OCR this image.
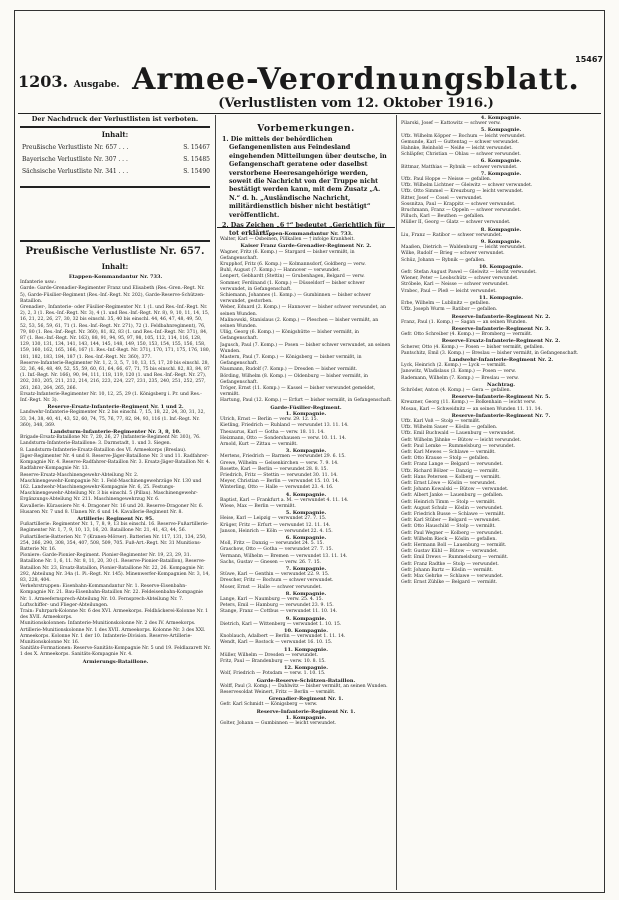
15467
1203. Ausgabe. Armee-Verordnungsblatt.
(Verlustlisten vom 12. Oktober 1916.)
Der Nachdruck der Verlustlisten ist verboten.
Inhalt:
Preußische Verlustliste Nr. 657 . . .	S. 15467
Bayerische Verlustliste Nr. 307 . . .	S. 15485
Sächsische Verlustliste Nr. 341 . . .	S. 15490
Vorbemerkungen.

1. Die mittels der behördlichen Gefangenenlisten aus Feindesland eingehenden Mitteilungen über deutsche, in Gefangenschaft geratene oder daselbst verstorbene Heeresangehörige werden, soweit die Nachricht von der Truppe nicht bestätigt werden kann, mit dem Zusatz „A. N.“ d. h. „Ausländische Nachricht, militärdienstlich bisher nicht bestätigt“ veröffentlicht.

2. Das Zeichen „6 †“ bedeutet „Gerichtlich für tot erklärt“.

Preußische Verlustliste Nr. 657.
Inhalt:

Etappen-Kommandantur Nr. 733.

Infanterie usw.:

Garde: Garde-Grenadier-Regimenter Franz und Elisabeth (Res.-Gren.-Regt. Nr. 5), Garde-Füsilier-Regiment (Res.-Inf.-Regt. Nr. 202), Garde-Reserve-Schützen-Bataillon.

Grenadier-, Infanterie- oder Füsilier-Regimenter Nr. 1 (1. und Res.-Inf.-Regt. Nr. 2), 2, 3 (1. Res.-Inf.-Regt. Nr. 3), 4 (1. und Res.-Inf.-Regt. Nr. 8), 9, 10, 11, 14, 15, 16, 21, 22, 26, 27, 30, 32 bis einschl. 35, 40 bis einschl. 44, 46, 47, 48, 49, 50, 52, 53, 56, 59, 61, 71 (1. Res.-Inf.-Regt. Nr. 271), 72 (1. Feldbahnregiment), 76, 79, 80 (1. Res.-Inf.-Regt. Nr. 360), 81, 82, 83 (1. und Res.-Inf.-Regt. Nr. 371), 84, 87 (1. Res.-Inf.-Regt. Nr. 163), 88, 91, 94, 95, 97, 98, 105, 112, 114, 116, 128, 129, 130, 131, 134, 141, 143, 144, 145, 148, 149, 150, 153, 154, 155, 156, 158, 159, 160, 162, 165, 166, 167 (1. Res.-Inf.-Regt. Nr. 371), 170, 171, 175, 176, 180, 181, 182, 183, 184, 187 (1. Res.-Inf.-Regt. Nr. 360), 377.

Reserve-Infanterie-Regimenter Nr. 1, 2, 3, 5, 7, 10, 13, 15, 17, 20 bis einschl. 28, 32, 36, 46, 48, 49, 52, 55, 59, 60, 61, 64, 66, 67, 71, 75 bis einschl. 82, 83, 84, 87 (1. Inf.-Regt. Nr. 166), 90, 94, 111, 118, 119, 120 (1. und Res.-Inf.-Regt. Nr. 27), 202, 203, 205, 211, 212, 214, 216, 223, 224, 227, 231, 235, 240, 251, 252, 257, 261, 263, 264, 265, 266.

Ersatz-Infanterie-Regimenter Nr. 10, 12, 25, 29 (1. Königsberg i. Pr. und Res.-Inf.-Regt. Nr. 3).

Reserve-Ersatz-Infanterie-Regiment Nr. 1 und 2.

Landwehr-Infanterie-Regimenter Nr. 2 bis einschl. 7, 15, 18, 22, 24, 30, 31, 32, 33, 34, 38, 40, 41, 43, 52, 60, 74, 75, 76, 77, 82, 84, 93, 116 (1. Inf.-Regt. Nr. 360), 348, 369.

Landsturm-Infanterie-Regimenter Nr. 3, 8, 10.

Brigade-Ersatz-Bataillone Nr. 7, 20, 26, 27 (Infanterie-Regiment Nr. 303), 76.

Landsturm-Infanterie-Bataillone: 3. Darmstadt, 1. und 3. Siegen.

8. Landsturm-Infanterie-Ersatz-Bataillon des VI. Armeekorps (Breslau).

Jäger-Regimenter Nr. 4 und 8. Reserve-Jäger-Bataillone Nr. 3 und 11. Radfahrer-Kompagnie Nr. 4. Reserve-Radfahrer-Bataillon Nr. 3. Ersatz-Jäger-Bataillon Nr. 4. Radfahrer-Kompagnie Nr. 13.

Reserve-Ersatz-Maschinengewehr-Abteilung Nr. 2.

Maschinengewehr-Kompagnie Nr. 1. Feld-Maschinengewehrzüge Nr. 130 und 162. Landwehr-Maschinengewehr-Kompagnie Nr. 6, 25. Festungs-Maschinengewehr-Abteilung Nr. 3 bis einschl. 5 (Pillau). Maschinengewehr-Ergänzungs-Abteilung Nr. 211. Maschinengewehrzug Nr. 6.

Kavallerie: Kürassiere Nr. 4. Dragoner Nr. 16 und 20. Reserve-Dragoner Nr. 6. Husaren Nr. 7 und 8. Ulanen Nr. 6 und 14. Kavallerie-Regiment Nr. 8.

Artillerie: Regiment Nr. 95.

Fußartillerie: Regimenter Nr. 1, 7, 8, 9, 13 bis einschl. 16. Reserve-Fußartillerie-Regimenter Nr. 1, 7, 9, 10, 13, 16, 20. Bataillone Nr. 21, 41, 43, 44, 56. Fußartillerie-Batterien Nr. 7 (Kranen-Mörser). Batterien Nr. 117, 131, 134, 250, 254, 266, 290, 308, 354, 407, 508, 509, 705. Fuß-Art.-Regt. Nr. 31 Munitions-Batterie Nr. 16.

Pioniere: Garde-Pionier-Regiment. Pionier-Regimenter Nr. 19, 23, 29, 31. Bataillone Nr. 1, 6, 11. Nr. 8, 11, 20, 30 (1. Reserve-Pionier-Bataillon), Reserve-Bataillon Nr. 23, Ersatz-Bataillon, Pionier-Bataillone Nr. 22, 26. Kompagnie Nr. 292, Abteilung Nr. 34a (1. Pi.-Regt. Nr. 145). Minenwerfer-Kompagnien Nr. 3, 14, 83, 228, 404.

Verkehrstruppen: Eisenbahn-Kommandantur Nr. 1. Reserve-Eisenbahn-Kompagnie Nr. 21. Bau-Eisenbahn-Bataillon Nr. 22. Feldeisenbahn-Kompagnie Nr. 1. Armeefernsprech-Abteilung Nr. 10. Fernsprech-Abteilung Nr. 7. Luftschiffer- und Flieger-Abteilungen.

Train: Fuhrpark-Kolonne Nr. 6 des XVI. Armeekorps. Feldbäckerei-Kolonne Nr. 1 des XVII. Armeekorps.

Munitionskolonnen: Infanterie-Munitionskolonne Nr. 2 des IV. Armeekorps. Artillerie-Munitionskolonne Nr. 1 des XVII. Armeekorps. Kolonne Nr. 3 des XXI. Armeekorps. Kolonne Nr. 1 der 10. Infanterie-Division. Reserve-Artillerie-Munitionskolonne Nr. 16.

Sanitäts-Formationen: Reserve-Sanitäts-Kompagnie Nr. 5 und 19. Feldlazarett Nr. 1 des X. Armeekorps. Sanitäts-Kompagnie Nr. 4.

Armierungs-Bataillone.

Etappen-Kommandantur Nr. 733.

Walter, Karl — Osbeinen, Pillkallen — † infolge Krankheit.

Kaiser Franz Garde-Grenadier-Regiment Nr. 2.

Wagner, Fritz (6. Komp.) — Stargard — bisher vermißt, in Gefangenschaft.

Krupphof, Fritz (6. Komp.) — Kolmannsdorf, Goldberg — verw.

Buhl, August (7. Komp.) — Hannover — verwundet.

Lenpert, Gebhardt (Stettin) — Grubenhagen, Belgard — verw.

Sommer, Ferdinand (1. Komp.) — Düsseldorf — bisher schwer verwundet, in Gefangenschaft.

Schiemann, Johannes (1. Komp.) — Gumbinnen — bisher schwer verwundet, gestorben.

Weber, Eduard (2. Komp.) — Hannover — bisher schwer verwundet, an seinen Wunden.

Malinowski, Stanislaus (2. Komp.) — Pleschen — bisher vermißt, an seinen Wunden.

Ullig, Georg (6. Komp.) — Königshütte — bisher vermißt, in Gefangenschaft.

Jagusch, Paul (7. Komp.) — Posen — bisher schwer verwundet, an seinen Wunden.

Mastern, Paul (7. Komp.) — Königsberg — bisher vermißt, in Gefangenschaft.

Naumann, Rudolf (7. Komp.) — Dresden — bisher vermißt.

Börding, Wilhelm (8. Komp.) — Oldenburg — bisher vermißt, in Gefangenschaft.

Tröger, Ernst (11. Komp.) — Kassel — bisher verwundet gemeldet, vermißt.

Hartung, Paul (12. Komp.) — Erfurt — bisher vermißt, in Gefangenschaft.

Garde-Füsilier-Regiment.

1. Kompagnie.

Ulrich, Ernst — Berlin — verw. 29. 12. 15.

Kietling, Friedrich — Ruhland — verwundet 13. 11. 14.

Thesaurus, Karl — Gotha — verw. 18. 11. 14.

Heizmann, Otto — Sondershausen — verw. 10. 11. 14.

Arnold, Kurt — Zittau — vermißt.

3. Kompagnie.

Mertens, Friedrich — Barmen — verwundet 29. 6. 15.

Grewe, Wilhelm — Gelsenkirchen — verw. 7. 9. 14.

Rosette, Karl — Berlin — verwundet 28. 8. 15.

Friedrich, Fritz — Stettin — verwundet 30. 11. 14.

Meyer, Christian — Berlin — verwundet 15. 10. 14.

Winterling, Otto — Halle — verwundet 23. 4. 16.

4. Kompagnie.

Baptist, Karl — Frankfurt a. M. — verwundet 4. 11. 14.

Wiese, Max — Berlin — vermißt.

5. Kompagnie.

Heise, Karl — Leipzig — verwundet 27. 7. 15.

Krüger, Fritz — Erfurt — verwundet 12. 11. 14.

Janson, Heinrich — Köln — verwundet 22. 4. 15.

6. Kompagnie.

Moll, Fritz — Danzig — verwundet 24. 5. 15.

Graschow, Otto — Gotha — verwundet 27. 7. 15.

Vermann, Wilhelm — Bremen — verwundet 13. 11. 14.

Sachs, Gustav — Gnesen — verw. 26. 7. 15.

7. Kompagnie.

Stüwe, Karl — Genthin — verwundet 22. 9. 15.

Drescher, Fritz — Bochum — schwer verwundet.

Moser, Ernst — Halle — schwer verwundet.

8. Kompagnie.

Lange, Karl — Naumburg — verw. 25. 4. 15.

Peters, Emil — Hamburg — verwundet 23. 9. 15.

Stange, Franz — Cottbus — verwundet 11. 10. 14.

9. Kompagnie.

Dietrich, Karl — Wittenberg — verwundet 1. 10. 15.

10. Kompagnie.

Knoblauch, Adalbert — Berlin — verwundet 1. 11. 14.

Wendt, Karl — Rostock — verwundet 16. 10. 15.

11. Kompagnie.

Müller, Wilhelm — Dresden — verwundet.

Fritz, Paul — Brandenburg — verw. 10. 8. 15.

12. Kompagnie.

Wolf, Friedrich — Potsdam — verw. 1. 10. 15.

Garde-Reserve-Schützen-Bataillon.

Wolff, Paul (3. Komp.) — Dahlwitz — bisher vermißt, an seinen Wunden.

Reservesoldat Weinert, Fritz — Berlin — vermißt.

Grenadier-Regiment Nr. 1.

Gefr. Karl Schmidt — Königsberg — verw.

Reserve-Infanterie-Regiment Nr. 1.

1. Kompagnie.

Golter, Johann — Gumbinnen — leicht verwundet.

4. Kompagnie.

Pilarski, Josef — Kattowitz — schwer verw.

5. Kompagnie.

Uffz. Wilhelm Köpper — Bochum — leicht verwundet.

Gemunde, Karl — Guttentag — schwer verwundet.

Hahnke, Reinhold — Neiße — leicht verwundet.

Schläpfer, Christian — Ohlau — schwer verwundet.

6. Kompagnie.

Bittmar, Matthias — Rybnik — schwer verwundet.

7. Kompagnie.

Uffz. Paul Hoppe — Neisse — gefallen.

Uffz. Wilhelm Lichtner — Gleiwitz — schwer verwundet.

Uffz. Otto Simmel — Kreuzburg — leicht verwundet.

Ritter, Josef — Cosel — verwundet.

Sossnitza, Paul — Krappitz — schwer verwundet.

Bruchmann, Franz — Oppeln — schwer verwundet.

Pilluch, Karl — Beuthen — gefallen.

Müller II, Georg — Glatz — schwer verwundet.

8. Kompagnie.

Liu, Franz — Ratibor — schwer verwundet.

9. Kompagnie.

Maaßen, Dietrich — Waldenburg — leicht verwundet.

Wilke, Rudolf — Brieg — schwer verwundet.

Schüz, Johann — Rybnik — gefallen.

10. Kompagnie.

Gefr. Stefan August Pawel — Gleiwitz — leicht verwundet.

Wiener, Peter — Leobschütz — schwer verwundet.

Ströbele, Karl — Neisse — schwer verwundet.

Vrabec, Paul — Pleß — leicht verwundet.

11. Kompagnie.

Erbe, Wilhelm — Lublinitz — gefallen.

Uffz. Joseph Wurm — Ratibor — gefallen.

Reserve-Infanterie-Regiment Nr. 2.

Franz, Paul (1. Komp.) — Sagan — an seinen Wunden.

Reserve-Infanterie-Regiment Nr. 3.

Gefr. Otto Schreiber (4. Komp.) — Bromberg — vermißt.

Reserve-Ersatz-Infanterie-Regiment Nr. 2.

Scherer, Otto (4. Komp.) — Posen — bisher vermißt, gefallen.

Pantschitz, Emil (3. Komp.) — Breslau — bisher vermißt, in Gefangenschaft.

Landwehr-Infanterie-Regiment Nr. 2.

Lyck, Heinrich (2. Komp.) — Lyck — vermißt.

Janowitz, Wladislaus (3. Komp.) — Posen — verw.

Rademann, Wilhelm (7. Komp.) — Breslau — verw.

Nachtrag.

Schröder, Anton (4. Komp.) — Gera — gefallen.

Reserve-Infanterie-Regiment Nr. 5.

Kreuzner, Georg (11. Komp.) — Bolkenhain — leicht verw.

Mosau, Karl — Schweidnitz — an seinen Wunden 11. 11. 14.

Reserve-Infanterie-Regiment Nr. 7.

Uffz. Karl Voß — Stolp — vermißt.

Uffz. Wilhelm Sauer — Köslin — gefallen.

Uffz. Emil Buchwald — Lauenburg — verwundet.

Gefr. Wilhelm Jähnke — Bütow — leicht verwundet.

Gefr. Paul Lemke — Rummelsburg — verwundet.

Gefr. Karl Mewes — Schlawe — vermißt.

Gefr. Otto Krause — Stolp — gefallen.

Gefr. Franz Lange — Belgard — verwundet.

Uffz. Richard Bölzer — Danzig — vermißt.

Gefr. Hans Petersen — Kolberg — vermißt.

Gefr. Ernst Löwe — Köslin — verwundet.

Gefr. Johann Kowalski — Bütow — verwundet.

Gefr. Albert Janke — Lauenburg — gefallen.

Gefr. Heinrich Timm — Stolp — vermißt.

Gefr. August Schulz — Köslin — verwundet.

Gefr. Friedrich Busse — Schlawe — vermißt.

Gefr. Karl Stüber — Belgard — verwundet.

Gefr. Otto Hauschild — Stolp — vermißt.

Gefr. Paul Wegner — Kolberg — verwundet.

Gefr. Wilhelm Rieck — Köslin — gefallen.

Gefr. Hermann Boll — Lauenburg — vermißt.

Gefr. Gustav Kühl — Bütow — verwundet.

Gefr. Emil Drews — Rummelsburg — vermißt.

Gefr. Franz Radtke — Stolp — verwundet.

Gefr. Johann Bartz — Köslin — vermißt.

Gefr. Max Gehrke — Schlawe — verwundet.

Gefr. Ernst Zühlke — Belgard — vermißt.
